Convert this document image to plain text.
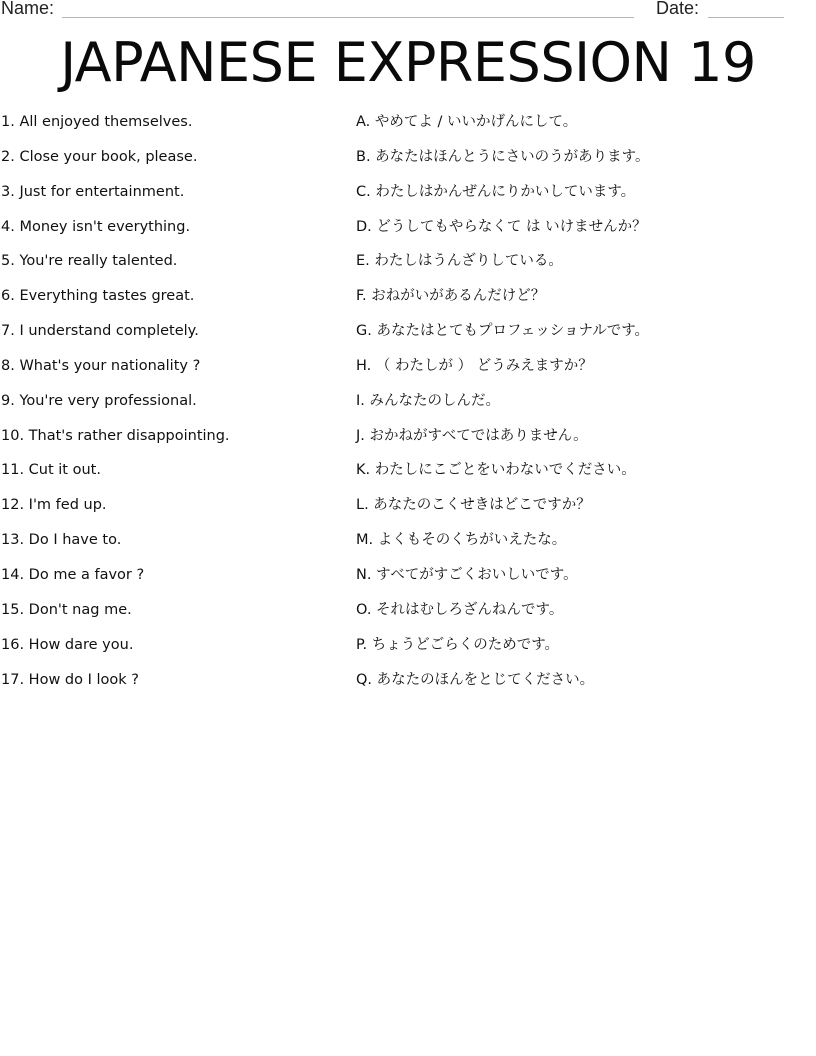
Name:	Date:
JAPANESE EXPRESSION 19
1. All enjoyed themselves.
2. Close your book, please.
3. Just for entertainment.
4. Money isn't everything.
5. You're really talented.
6. Everything tastes great.
7. I understand completely.
8. What's your nationality ?
9. You're very professional.
10. That's rather disappointing.
11. Cut it out.
12. I'm fed up.
13. Do I have to.
14. Do me a favor ?
15. Don't nag me.
16. How dare you.
17. How do I look ?
A. やめてよ / いいかげんにして。
B. あなたはほんとうにさいのうがあります。
C. わたしはかんぜんにりかいしています。
D. どうしてもやらなくて は いけませんか？
E. わたしはうんざりしている。
F. おねがいがあるんだけど？
G. あなたはとてもプロフェッショナルです。
H. （ わたしが ） どうみえますか？
I. みんなたのしんだ。
J. おかねがすべてではありません。
K. わたしにこごとをいわないでください。
L. あなたのこくせきはどこですか？
M. よくもそのくちがいえたな。
N. すべてがすごくおいしいです。
O. それはむしろざんねんです。
P. ちょうどごらくのためです。
Q. あなたのほんをとじてください。
